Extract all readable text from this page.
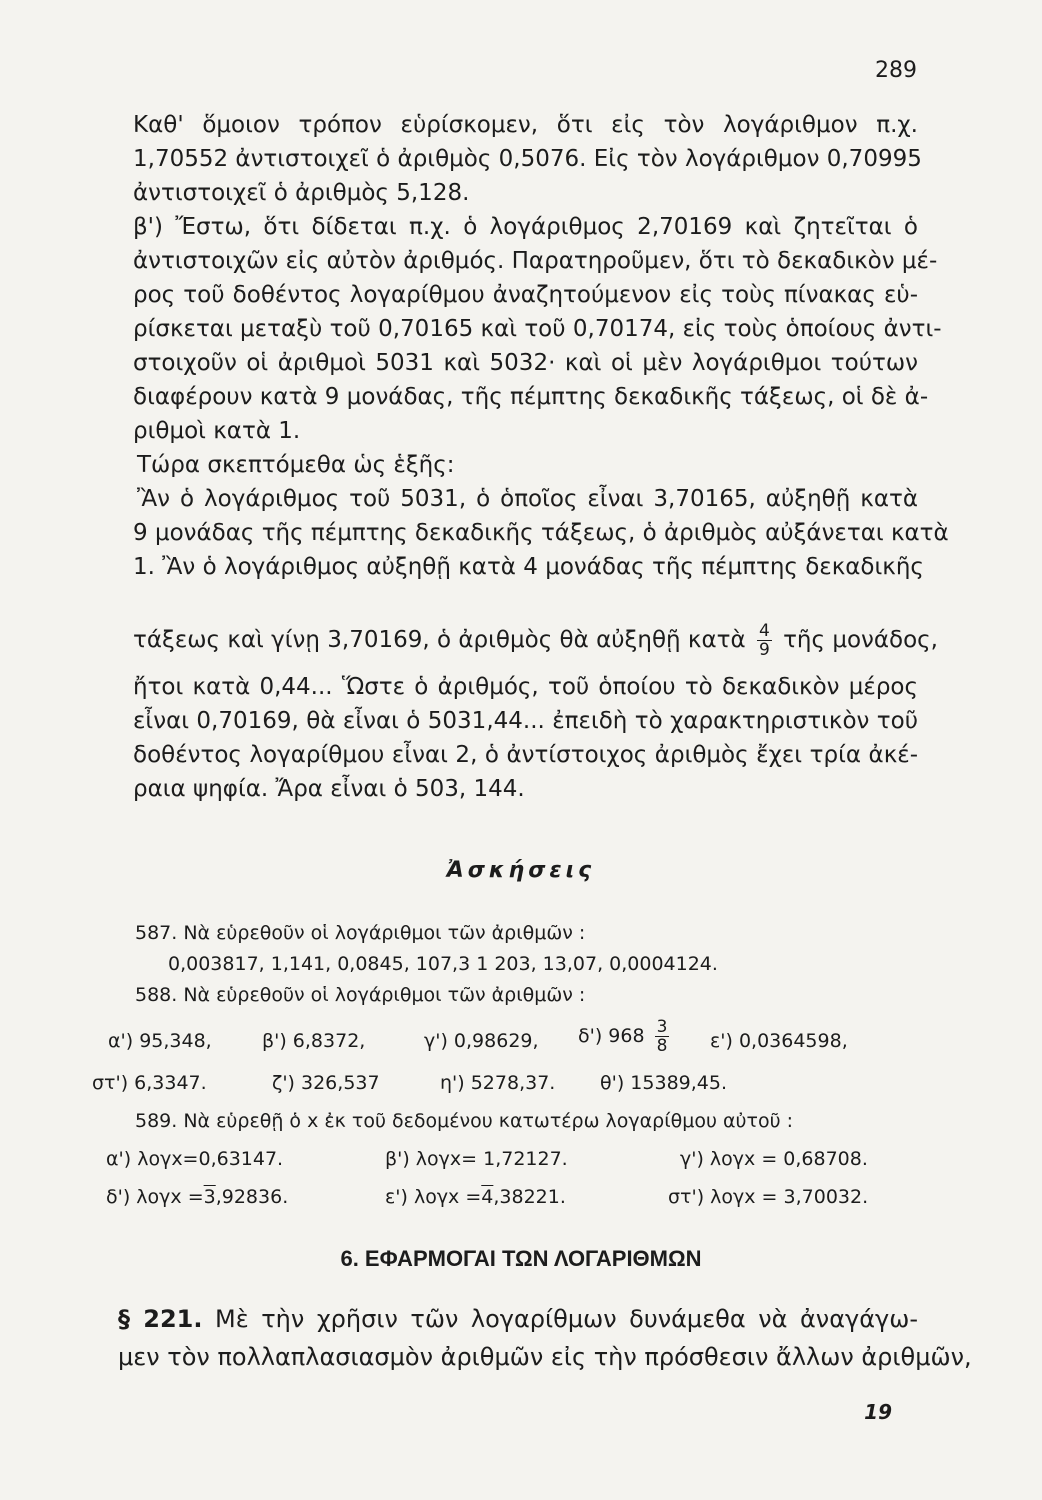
289
Καθ' ὅμοιον τρόπον εὑρίσκομεν, ὅτι εἰς τὸν λογάριθμον π.χ.
1,70552 ἀντιστοιχεῖ ὁ ἀριθμὸς 0,5076. Εἰς τὸν λογάριθμον 0,70995
ἀντιστοιχεῖ ὁ ἀριθμὸς 5,128.
β') Ἔστω, ὅτι δίδεται π.χ. ὁ λογάριθμος 2,70169 καὶ ζητεῖται ὁ
ἀντιστοιχῶν εἰς αὐτὸν ἀριθμός. Παρατηροῦμεν, ὅτι τὸ δεκαδικὸν μέ-
ρος τοῦ δοθέντος λογαρίθμου ἀναζητούμενον εἰς τοὺς πίνακας εὑ-
ρίσκεται μεταξὺ τοῦ 0,70165 καὶ τοῦ 0,70174, εἰς τοὺς ὁποίους ἀντι-
στοιχοῦν οἱ ἀριθμοὶ 5031 καὶ 5032· καὶ οἱ μὲν λογάριθμοι τούτων
διαφέρουν κατὰ 9 μονάδας, τῆς πέμπτης δεκαδικῆς τάξεως, οἱ δὲ ἀ-
ριθμοὶ κατὰ 1.
Τώρα σκεπτόμεθα ὡς ἑξῆς:
Ἂν ὁ λογάριθμος τοῦ 5031, ὁ ὁποῖος εἶναι 3,70165, αὐξηθῇ κατὰ
9 μονάδας τῆς πέμπτης δεκαδικῆς τάξεως, ὁ ἀριθμὸς αὐξάνεται κατὰ
1. Ἂν ὁ λογάριθμος αὐξηθῇ κατὰ 4 μονάδας τῆς πέμπτης δεκαδικῆς
τάξεως καὶ γίνῃ 3,70169, ὁ ἀριθμὸς θὰ αὐξηθῇ κατὰ $\frac{4}{9}$ τῆς μονάδος,
ἤτοι κατὰ 0,44... Ὥστε ὁ ἀριθμός, τοῦ ὁποίου τὸ δεκαδικὸν μέρος
εἶναι 0,70169, θὰ εἶναι ὁ 5031,44... ἐπειδὴ τὸ χαρακτηριστικὸν τοῦ
δοθέντος λογαρίθμου εἶναι 2, ὁ ἀντίστοιχος ἀριθμὸς ἔχει τρία ἀκέ-
ραια ψηφία. Ἄρα εἶναι ὁ 503, 144.
Ἀσκήσεις
587. Νὰ εὑρεθοῦν οἱ λογάριθμοι τῶν ἀριθμῶν :
0,003817, 1,141, 0,0845, 107,3 1 203, 13,07, 0,0004124.
588. Νὰ εὑρεθοῦν οἱ λογάριθμοι τῶν ἀριθμῶν :
α') 95,348,	β') 6,8372,	γ') 0,98629, δ') $968 \frac{3}{8} \varepsilon'$) 0,0364598,
στ') 6,3347.	ζ') 326,537	η') 5278,37. θ') 15389,45.
589. Νὰ εὑρεθῇ ὁ x ἐκ τοῦ δεδομένου κατωτέρω λογαρίθμου αὐτοῦ :
α') λογx=0,63147.	β') λογx= 1,72127.	γ') λογx = 0,68708.
δ') λογx =3,92836.	ε') λογx =4,38221.	στ') λογx = 3,70032.
6. ΕΦΑΡΜΟΓΑΙ ΤΩΝ ΛΟΓΑΡΙΘΜΩΝ
§ 221. Μὲ τὴν χρῆσιν τῶν λογαρίθμων δυνάμεθα νὰ ἀναγάγω-
μεν τὸν πολλαπλασιασμὸν ἀριθμῶν εἰς τὴν πρόσθεσιν ἄλλων ἀριθμῶν,
19
